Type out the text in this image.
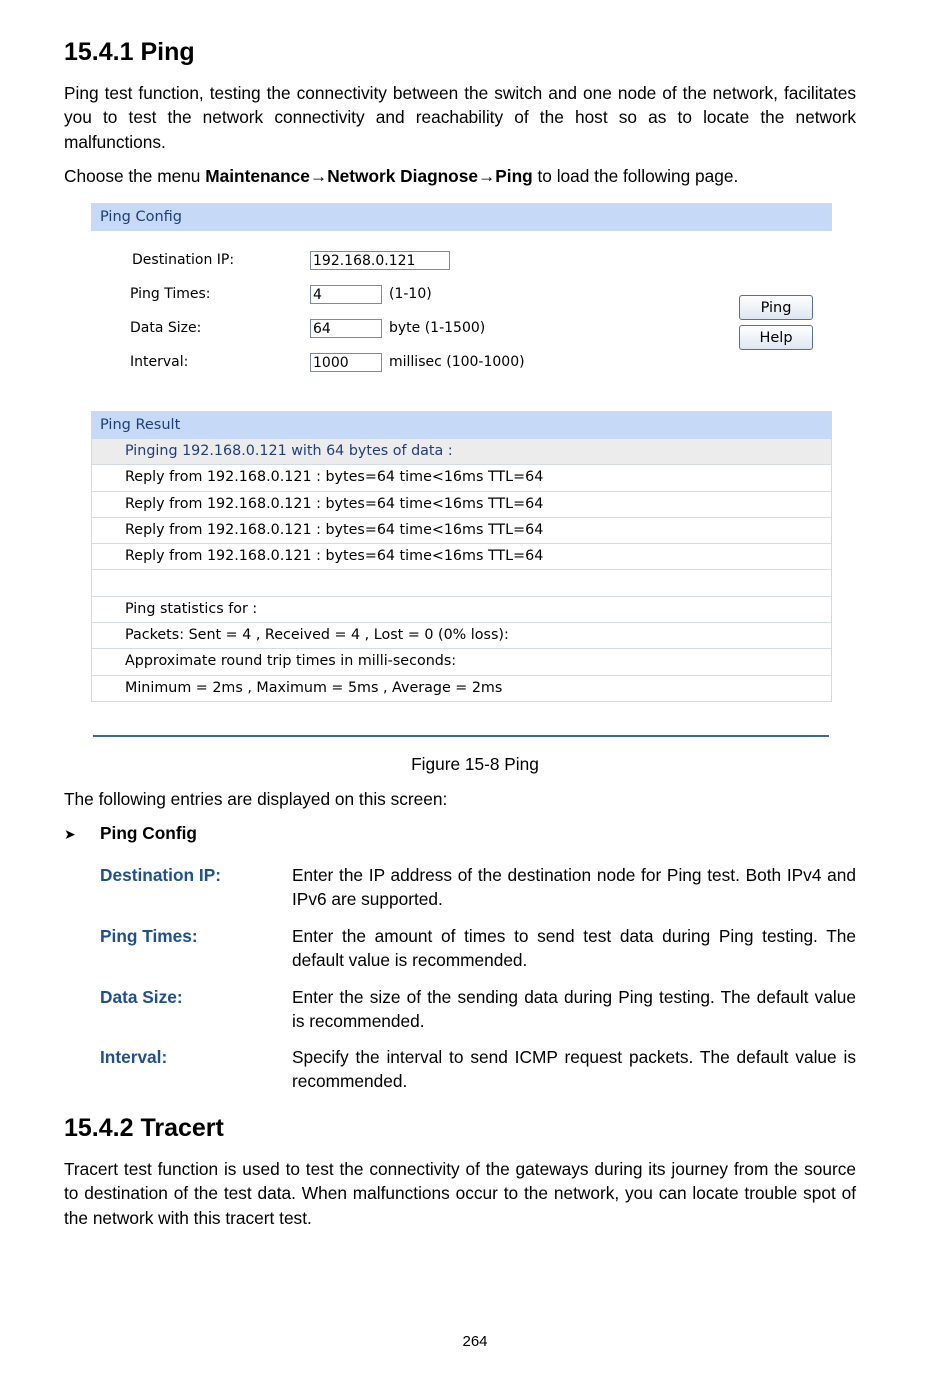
15.4.1 Ping

Ping test function, testing the connectivity between the switch and one node of the network, facilitates you to test the network connectivity and reachability of the host so as to locate the network malfunctions.

Choose the menu Maintenance→Network Diagnose→Ping to load the following page.

Ping Config
Destination IP:	192.168.0.121
Ping Times:	4	(1-10)
Data Size:	64	byte (1-1500)
Interval:	1000	millisec (100-1000)
Ping
Help
Ping Result
Pinging 192.168.0.121 with 64 bytes of data :
Reply from 192.168.0.121 : bytes=64 time<16ms TTL=64
Reply from 192.168.0.121 : bytes=64 time<16ms TTL=64
Reply from 192.168.0.121 : bytes=64 time<16ms TTL=64
Reply from 192.168.0.121 : bytes=64 time<16ms TTL=64
Ping statistics for :
Packets: Sent = 4 , Received = 4 , Lost = 0 (0% loss):
Approximate round trip times in milli-seconds:
Minimum = 2ms , Maximum = 5ms , Average = 2ms
Figure 15-8 Ping

The following entries are displayed on this screen:

➤ Ping Config
Destination IP:	Enter the IP address of the destination node for Ping test. Both IPv4 and IPv6 are supported.
Ping Times:	Enter the amount of times to send test data during Ping testing. The default value is recommended.
Data Size:	Enter the size of the sending data during Ping testing. The default value is recommended.
Interval:	Specify the interval to send ICMP request packets. The default value is recommended.
15.4.2 Tracert

Tracert test function is used to test the connectivity of the gateways during its journey from the source to destination of the test data. When malfunctions occur to the network, you can locate trouble spot of the network with this tracert test.

264
